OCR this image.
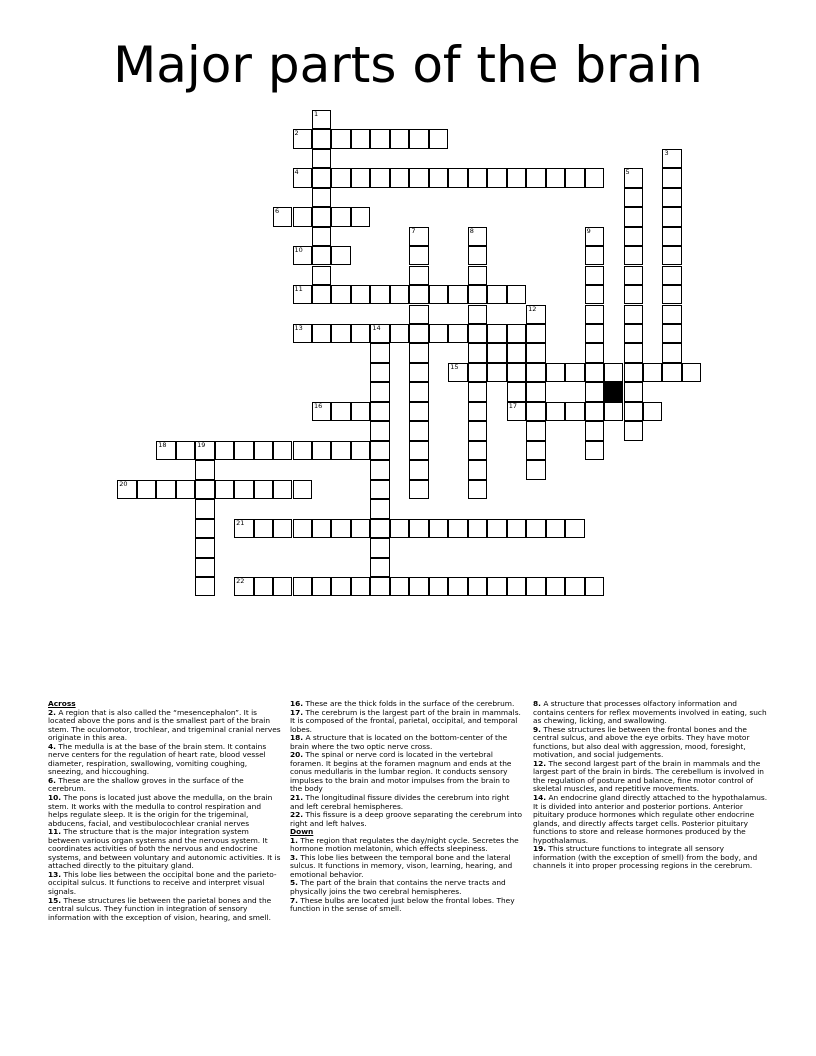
Major parts of the brain
2
4
6
10
11
13	14
15
16	17
18	19
20
21
22
1
3
5
7	8	9
12
Across
2. A region that is also called the “mesencephalon”. It is located above the pons and is the smallest part of the brain stem. The oculomotor, trochlear, and trigeminal cranial nerves originate in this area.
4. The medulla is at the base of the brain stem. It contains nerve centers for the regulation of heart rate, blood vessel diameter, respiration, swallowing, vomiting coughing, sneezing, and hiccoughing.
6. These are the shallow groves in the surface of the cerebrum.
10. The pons is located just above the medulla, on the brain stem. It works with the medulla to control respiration and helps regulate sleep. It is the origin for the trigeminal, abducens, facial, and vestibulocochlear cranial nerves
11. The structure that is the major integration system between various organ systems and the nervous system. It coordinates activities of both the nervous and endocrine systems, and between voluntary and autonomic activities. It is attached directly to the pituitary gland.
13. This lobe lies between the occipital bone and the parieto-occipital sulcus. It functions to receive and interpret visual signals.
15. These structures lie between the parietal bones and the central sulcus. They function in integration of sensory information with the exception of vision, hearing, and smell.
16. These are the thick folds in the surface of the cerebrum.
17. The cerebrum is the largest part of the brain in mammals. It is composed of the frontal, parietal, occipital, and temporal lobes.
18. A structure that is located on the bottom-center of the brain where the two optic nerve cross.
20. The spinal or nerve cord is located in the vertebral foramen. It begins at the foramen magnum and ends at the conus medullaris in the lumbar region. It conducts sensory impulses to the brain and motor impulses from the brain to the body
21. The longitudinal fissure divides the cerebrum into right and left cerebral hemispheres.
22. This fissure is a deep groove separating the cerebrum into right and left halves.
Down
1. The region that regulates the day/night cycle. Secretes the hormone motion melatonin, which effects sleepiness.
3. This lobe lies between the temporal bone and the lateral sulcus. It functions in memory, vison, learning, hearing, and emotional behavior.
5. The part of the brain that contains the nerve tracts and physically joins the two cerebral hemispheres.
7. These bulbs are located just below the frontal lobes. They function in the sense of smell.
8. A structure that processes olfactory information and contains centers for reflex movements involved in eating, such as chewing, licking, and swallowing.
9. These structures lie between the frontal bones and the central sulcus, and above the eye orbits. They have motor functions, but also deal with aggression, mood, foresight, motivation, and social judgements.
12. The second largest part of the brain in mammals and the largest part of the brain in birds. The cerebellum is involved in the regulation of posture and balance, fine motor control of skeletal muscles, and repetitive movements.
14. An endocrine gland directly attached to the hypothalamus. It is divided into anterior and posterior portions. Anterior pituitary produce hormones which regulate other endocrine glands, and directly affects target cells. Posterior pituitary functions to store and release hormones produced by the hypothalamus.
19. This structure functions to integrate all sensory information (with the exception of smell) from the body, and channels it into proper processing regions in the cerebrum.
